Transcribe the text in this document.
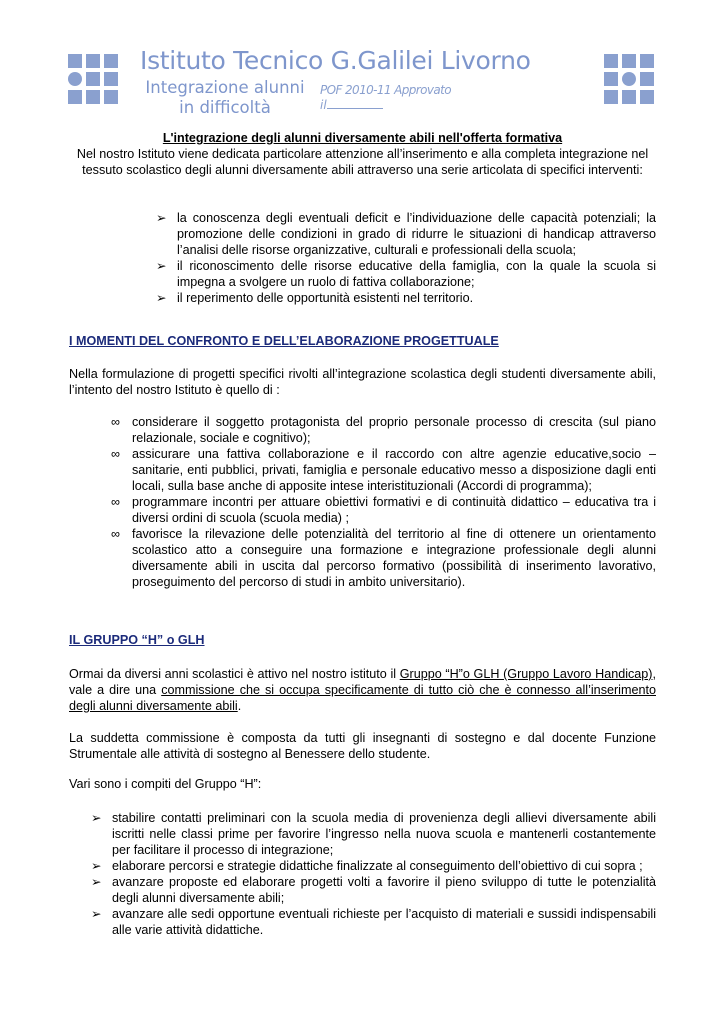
Istituto Tecnico G.Galilei Livorno
Integrazione alunni in difficoltà
POF 2010-11 Approvato
il
L'integrazione degli alunni diversamente abili nell'offerta formativa
Nel nostro Istituto viene dedicata particolare attenzione all’inserimento e alla completa integrazione nel tessuto scolastico degli alunni diversamente abili attraverso una serie articolata di specifici interventi:
➢ la conoscenza degli eventuali deficit e l’individuazione delle capacità potenziali; la promozione delle condizioni in grado di ridurre le situazioni di handicap attraverso l’analisi delle risorse organizzative, culturali e professionali della scuola;
➢ il riconoscimento delle risorse educative della famiglia, con la quale la scuola si impegna a svolgere un ruolo di fattiva collaborazione;
➢ il reperimento delle opportunità esistenti nel territorio.
I MOMENTI DEL CONFRONTO E DELL’ELABORAZIONE PROGETTUALE
Nella formulazione di progetti specifici rivolti all’integrazione scolastica degli studenti diversamente abili, l’intento del nostro Istituto è quello di :
∞ considerare il soggetto protagonista del proprio personale processo di crescita (sul piano relazionale, sociale e cognitivo);
∞ assicurare una fattiva collaborazione e il raccordo con altre agenzie educative,socio – sanitarie, enti pubblici, privati, famiglia e personale educativo messo a disposizione dagli enti locali, sulla base anche di apposite intese interistituzionali (Accordi di programma);
∞ programmare incontri per attuare obiettivi formativi e di continuità didattico – educativa tra i diversi ordini di scuola (scuola media) ;
∞ favorisce la rilevazione delle potenzialità del territorio al fine di ottenere un orientamento scolastico atto a conseguire una formazione e integrazione professionale degli alunni diversamente abili in uscita dal percorso formativo (possibilità di inserimento lavorativo, proseguimento del percorso di studi in ambito universitario).
IL GRUPPO “H” o GLH
Ormai da diversi anni scolastici è attivo nel nostro istituto il Gruppo “H”o GLH (Gruppo Lavoro Handicap), vale a dire una commissione che si occupa specificamente di tutto ciò che è connesso all’inserimento degli alunni diversamente abili.
La suddetta commissione è composta da tutti gli insegnanti di sostegno e dal docente Funzione Strumentale alle attività di sostegno al Benessere dello studente.
Vari sono i compiti del Gruppo “H”:
➢ stabilire contatti preliminari con la scuola media di provenienza degli allievi diversamente abili iscritti nelle classi prime per favorire l’ingresso nella nuova scuola e mantenerli costantemente per facilitare il processo di integrazione;
➢ elaborare percorsi e strategie didattiche finalizzate al conseguimento dell’obiettivo di cui sopra ;
➢ avanzare proposte ed elaborare progetti volti a favorire il pieno sviluppo di tutte le potenzialità degli alunni diversamente abili;
➢ avanzare alle sedi opportune eventuali richieste per l’acquisto di materiali e sussidi indispensabili alle varie attività didattiche.
